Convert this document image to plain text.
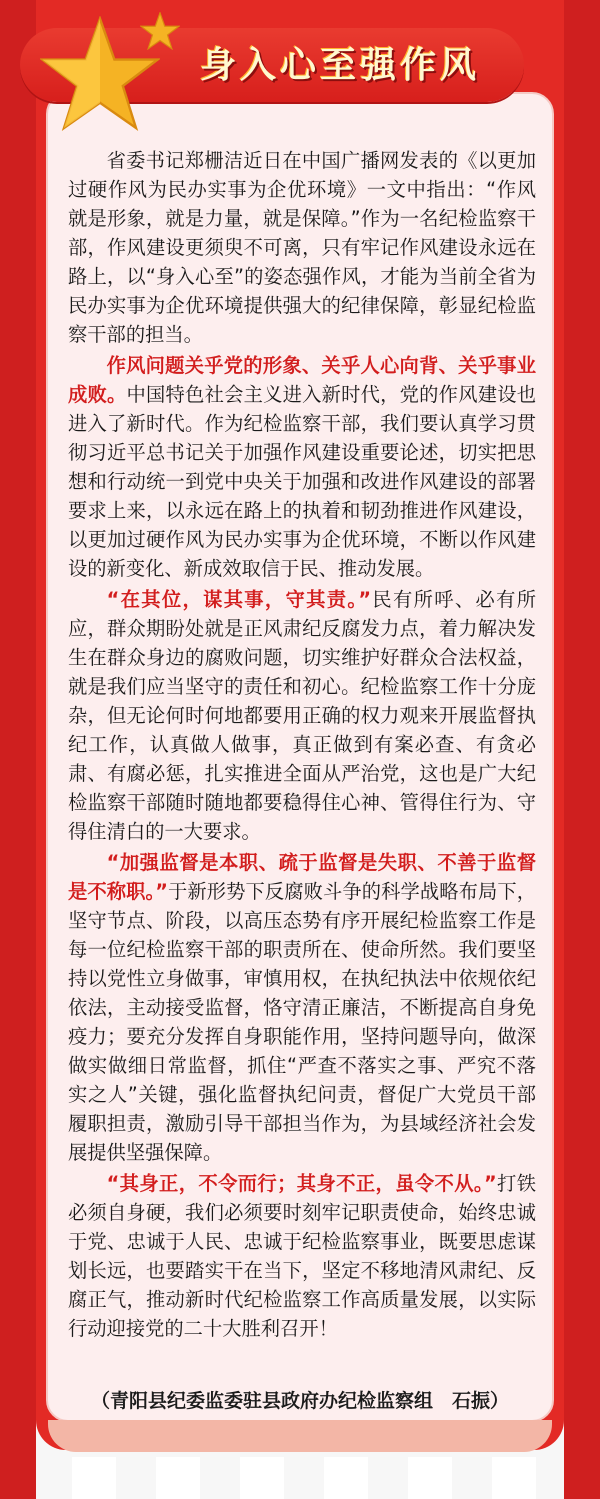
身入心至强作风

省委书记郑栅洁近日在中国广播网发表的《以更加过硬作风为民办实事为企优环境》一文中指出：“作风就是形象，就是力量，就是保障。”作为一名纪检监察干部，作风建设更须臾不可离，只有牢记作风建设永远在路上，以“身入心至”的姿态强作风，才能为当前全省为民办实事为企优环境提供强大的纪律保障，彰显纪检监察干部的担当。

作风问题关乎党的形象、关乎人心向背、关乎事业成败。中国特色社会主义进入新时代，党的作风建设也进入了新时代。作为纪检监察干部，我们要认真学习贯彻习近平总书记关于加强作风建设重要论述，切实把思想和行动统一到党中央关于加强和改进作风建设的部署要求上来，以永远在路上的执着和韧劲推进作风建设，以更加过硬作风为民办实事为企优环境，不断以作风建设的新变化、新成效取信于民、推动发展。

“在其位，谋其事，守其责。”民有所呼、必有所应，群众期盼处就是正风肃纪反腐发力点，着力解决发生在群众身边的腐败问题，切实维护好群众合法权益，就是我们应当坚守的责任和初心。纪检监察工作十分庞杂，但无论何时何地都要用正确的权力观来开展监督执纪工作，认真做人做事，真正做到有案必查、有贪必肃、有腐必惩，扎实推进全面从严治党，这也是广大纪检监察干部随时随地都要稳得住心神、管得住行为、守得住清白的一大要求。

“加强监督是本职、疏于监督是失职、不善于监督是不称职。”于新形势下反腐败斗争的科学战略布局下，坚守节点、阶段，以高压态势有序开展纪检监察工作是每一位纪检监察干部的职责所在、使命所然。我们要坚持以党性立身做事，审慎用权，在执纪执法中依规依纪依法，主动接受监督，恪守清正廉洁，不断提高自身免疫力；要充分发挥自身职能作用，坚持问题导向，做深做实做细日常监督，抓住“严查不落实之事、严究不落实之人”关键，强化监督执纪问责，督促广大党员干部履职担责，激励引导干部担当作为，为县域经济社会发展提供坚强保障。

“其身正，不令而行；其身不正，虽令不从。”打铁必须自身硬，我们必须要时刻牢记职责使命，始终忠诚于党、忠诚于人民、忠诚于纪检监察事业，既要思虑谋划长远，也要踏实干在当下，坚定不移地清风肃纪、反腐正气，推动新时代纪检监察工作高质量发展，以实际行动迎接党的二十大胜利召开！

（青阳县纪委监委驻县政府办纪检监察组　石振）
